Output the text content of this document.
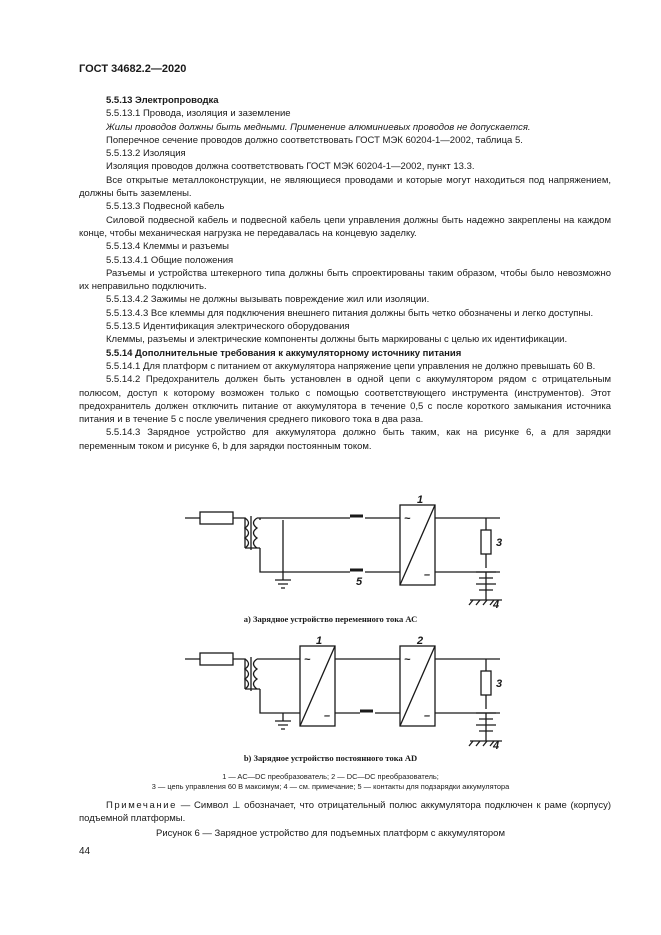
ГОСТ 34682.2—2020

5.5.13 Электропроводка

5.5.13.1 Провода, изоляция и заземление

Жилы проводов должны быть медными. Применение алюминиевых проводов не допускается.

Поперечное сечение проводов должно соответствовать ГОСТ МЭК 60204-1—2002, таблица 5.

5.5.13.2 Изоляция

Изоляция проводов должна соответствовать ГОСТ МЭК 60204-1—2002, пункт 13.3.

Все открытые металлоконструкции, не являющиеся проводами и которые могут находиться под напряжением, должны быть заземлены.

5.5.13.3 Подвесной кабель

Силовой подвесной кабель и подвесной кабель цепи управления должны быть надежно закреплены на каждом конце, чтобы механическая нагрузка не передавалась на концевую заделку.

5.5.13.4 Клеммы и разъемы

5.5.13.4.1 Общие положения

Разъемы и устройства штекерного типа должны быть спроектированы таким образом, чтобы было невозможно их неправильно подключить.

5.5.13.4.2 Зажимы не должны вызывать повреждение жил или изоляции.

5.5.13.4.3 Все клеммы для подключения внешнего питания должны быть четко обозначены и легко доступны.

5.5.13.5 Идентификация электрического оборудования

Клеммы, разъемы и электрические компоненты должны быть маркированы с целью их идентификации.

5.5.14 Дополнительные требования к аккумуляторному источнику питания

5.5.14.1 Для платформ с питанием от аккумулятора напряжение цепи управления не должно превышать 60 В.

5.5.14.2 Предохранитель должен быть установлен в одной цепи с аккумулятором рядом с отрицательным полюсом, доступ к которому возможен только с помощью соответствующего инструмента (инструментов). Этот предохранитель должен отключить питание от аккумулятора в течение 0,5 с после короткого замыкания источника питания и в течение 5 с после увеличения среднего пикового тока в два раза.

5.5.14.3 Зарядное устройство для аккумулятора должно быть таким, как на рисунке 6, а для зарядки переменным током и рисунке 6, b для зарядки постоянным током.

1
3
4
5
~
–
1	2
3
4
~
–
~
–
a) Зарядное устройство переменного тока АС
b) Зарядное устройство постоянного тока АD
1 — AC—DC преобразователь; 2 — DC—DC преобразователь;
3 — цепь управления 60 В максимум; 4 — см. примечание; 5 — контакты для подзарядки аккумулятора
Примечание — Символ ⊥ обозначает, что отрицательный полюс аккумулятора подключен к раме (корпусу) подъемной платформы.
Рисунок 6 — Зарядное устройство для подъемных платформ с аккумулятором
44
